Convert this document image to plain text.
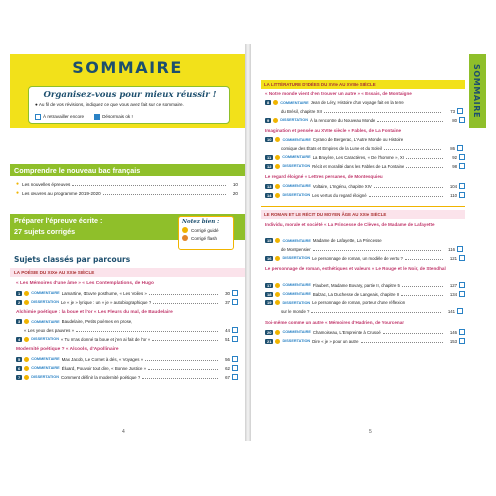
SOMMAIRE
Organisez-vous pour mieux réussir !
● Au fil de vos révisions, indiquez ce que vous avez fait sur ce sommaire.
À retravailler encore	Désormais ok !
Comprendre le nouveau bac français
● Les nouvelles épreuves	10
● Les œuvres au programme 2019-2020	20
Préparer l'épreuve écrite :
27 sujets corrigés
Notez bien :
Corrigé guidé
Corrigé flash
Sujets classés par parcours
LA POÉSIE DU XIXe AU XXIe SIÈCLE
« Les Mémoires d'une âme » « Les Contemplations, de Hugo
1	COMMENTAIRE Lamartine, Œuvre posthume, « Les Voiles »	30
2	DISSERTATION Le « je » lyrique : un « je » autobiographique ?	37
Alchimie poétique : la boue et l'or « Les Fleurs du mal, de Baudelaire
3	COMMENTAIRE Baudelaire, Petits poèmes en prose,
« Les yeux des pauvres »	44
4	DISSERTATION « Tu m'as donné ta boue et j'en ai fait de l'or »	51
Modernité poétique ? « Alcools, d'Apollinaire
5	COMMENTAIRE Max Jacob, Le Cornet à dés, « Voyages »	56
6	COMMENTAIRE Éluard, Pouvoir tout dire, « Bonne Justice »	62
7	DISSERTATION Comment définir la modernité poétique ?	67
4
SOMMAIRE
LA LITTÉRATURE D'IDÉES DU XVIe AU XVIIIe SIÈCLE
« Notre monde vient d'en trouver un autre » « Essais, de Montaigne
8	COMMENTAIRE Jean de Léry, Histoire d'un voyage fait en la terre
du Brésil, chapitre XII	73
9	DISSERTATION À la rencontre du Nouveau Monde	80
Imagination et pensée au XVIIe siècle « Fables, de La Fontaine
10	COMMENTAIRE Cyrano de Bergerac, L'Autre Monde ou Histoire
comique des États et Empires de la Lune et du Soleil	86
11	COMMENTAIRE La Bruyère, Les Caractères, « De l'homme », XI	92
12	DISSERTATION Récit et moralité dans les Fables de La Fontaine	98
Le regard éloigné « Lettres persanes, de Montesquieu
13	COMMENTAIRE Voltaire, L'Ingénu, chapitre XIV	104
14	DISSERTATION Les vertus du regard éloigné	110
LE ROMAN ET LE RÉCIT DU MOYEN ÂGE AU XXIe SIÈCLE
Individu, morale et société « La Princesse de Clèves, de Madame de Lafayette
15	COMMENTAIRE Madame de Lafayette, La Princesse
de Montpensier	116
16	DISSERTATION Le personnage de roman, un modèle de vertu ?	121
Le personnage de roman, esthétiques et valeurs « Le Rouge et le Noir, de Stendhal
17	COMMENTAIRE Flaubert, Madame Bovary, partie II, chapitre 5	127
18	COMMENTAIRE Balzac, La Duchesse de Langeais, chapitre II	134
19	DISSERTATION Le personnage de roman, porteur d'une réflexion
sur le monde ?	141
Soi-même comme un autre « Mémoires d'Hadrien, de Yourcenar
20	COMMENTAIRE Chamoiseau, L'Empreinte à Crusoé	146
21	DISSERTATION Dire « je » pour un autre	153
5
